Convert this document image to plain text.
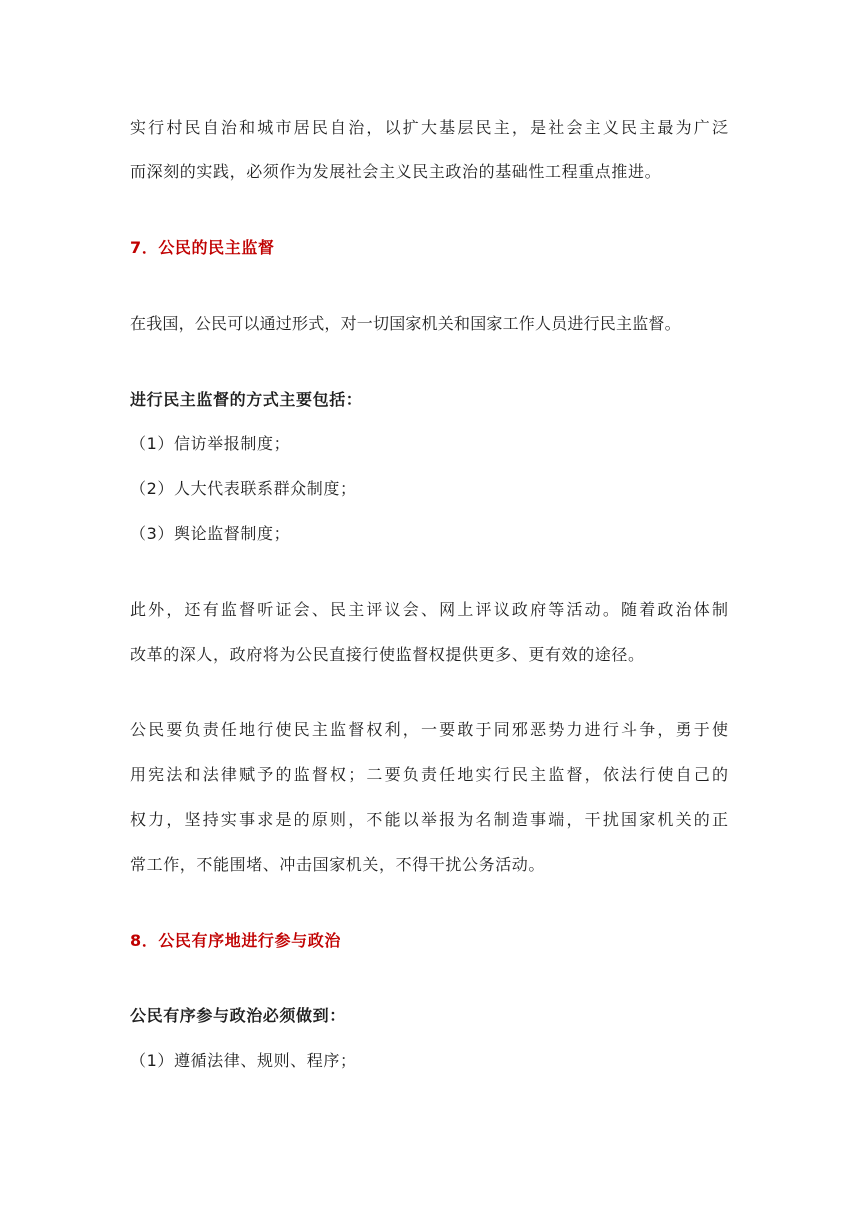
实行村民自治和城市居民自治，以扩大基层民主，是社会主义民主最为广泛
而深刻的实践，必须作为发展社会主义民主政治的基础性工程重点推进。
7．公民的民主监督
在我国，公民可以通过形式，对一切国家机关和国家工作人员进行民主监督。
进行民主监督的方式主要包括：
（1）信访举报制度；
（2）人大代表联系群众制度；
（3）舆论监督制度；
此外，还有监督听证会、民主评议会、网上评议政府等活动。随着政治体制
改革的深人，政府将为公民直接行使监督权提供更多、更有效的途径。
公民要负责任地行使民主监督权利，一要敢于同邪恶势力进行斗争，勇于使
用宪法和法律赋予的监督权；二要负责任地实行民主监督，依法行使自己的
权力，坚持实事求是的原则，不能以举报为名制造事端，干扰国家机关的正
常工作，不能围堵、冲击国家机关，不得干扰公务活动。
8．公民有序地进行参与政治
公民有序参与政治必须做到：
（1）遵循法律、规则、程序；
